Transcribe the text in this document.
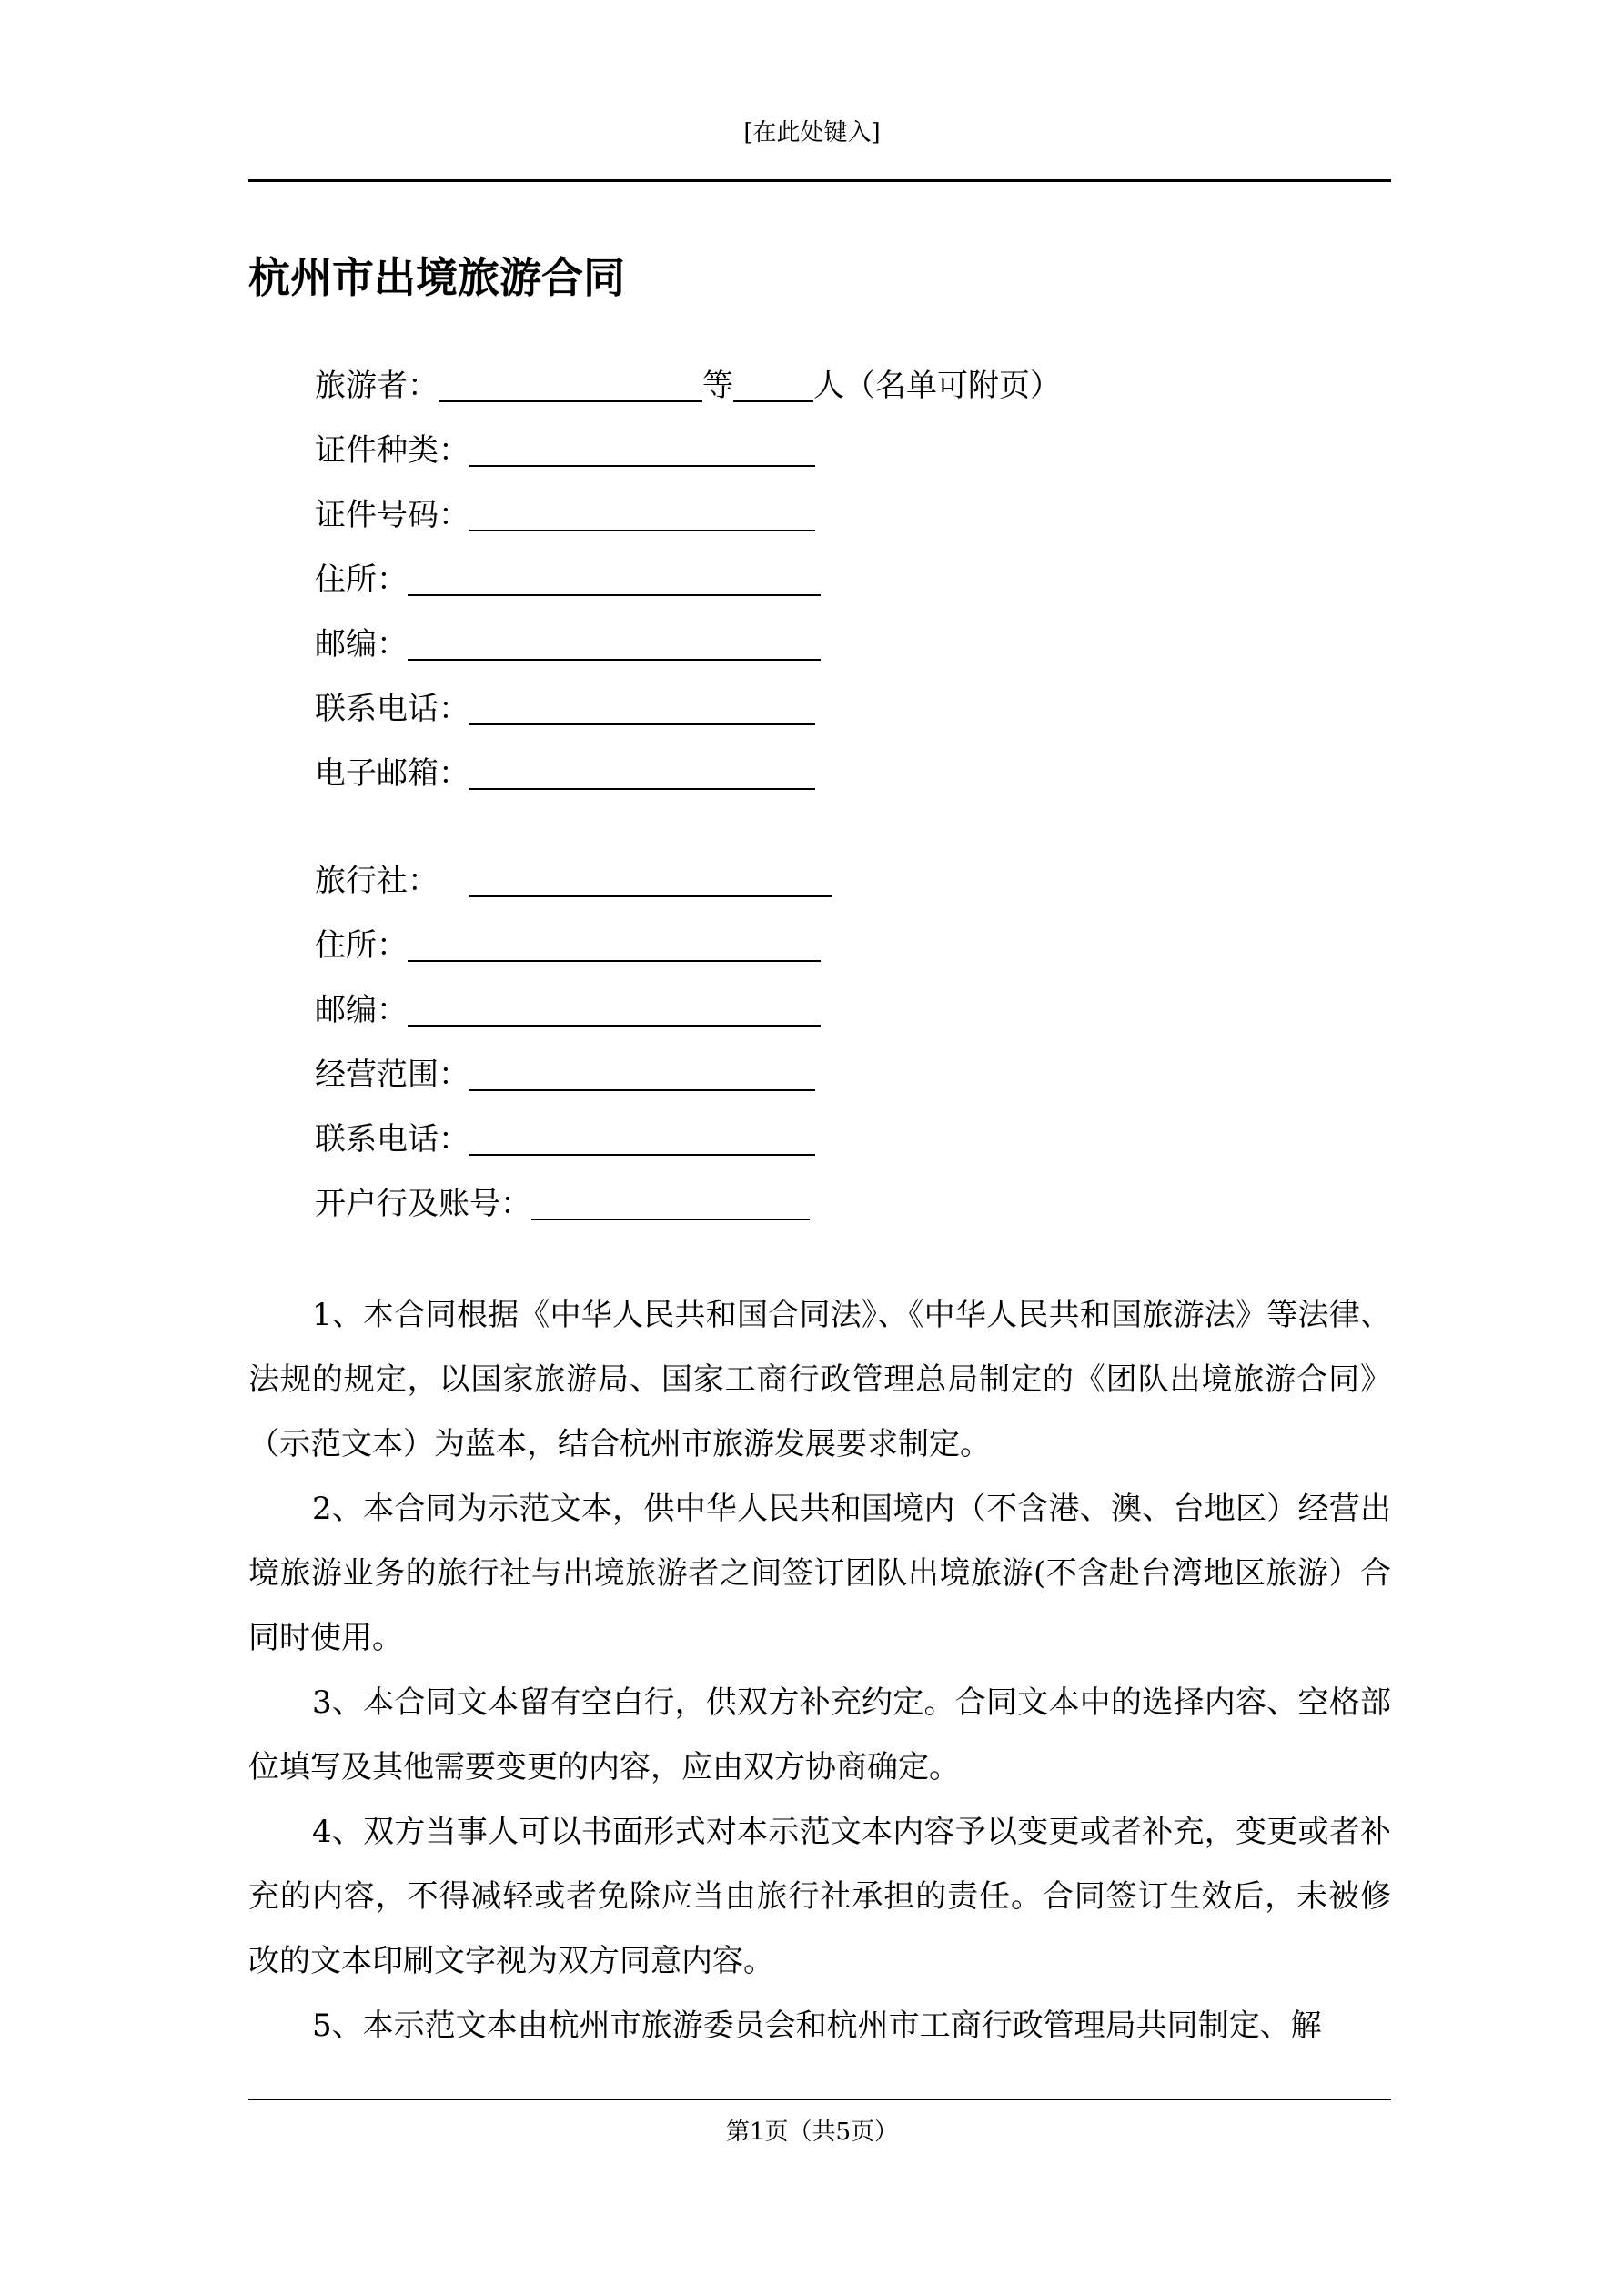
[在此处键入]
杭州市出境旅游合同
旅游者：	等	人（名单可附页）
证件种类：
证件号码：
住所：
邮编：
联系电话：
电子邮箱：
旅行社：
住所：
邮编：
经营范围：
联系电话：
开户行及账号：

1、本合同根据《中华人民共和国合同法》、《中华人民共和国旅游法》等法律、法规的规定，以国家旅游局、国家工商行政管理总局制定的《团队出境旅游合同》（示范文本）为蓝本，结合杭州市旅游发展要求制定。

2、本合同为示范文本，供中华人民共和国境内（不含港、澳、台地区）经营出境旅游业务的旅行社与出境旅游者之间签订团队出境旅游(不含赴台湾地区旅游）合同时使用。

3、本合同文本留有空白行，供双方补充约定。合同文本中的选择内容、空格部位填写及其他需要变更的内容，应由双方协商确定。

4、双方当事人可以书面形式对本示范文本内容予以变更或者补充，变更或者补充的内容，不得减轻或者免除应当由旅行社承担的责任。合同签订生效后，未被修改的文本印刷文字视为双方同意内容。

5、本示范文本由杭州市旅游委员会和杭州市工商行政管理局共同制定、解

第1页（共5页）
